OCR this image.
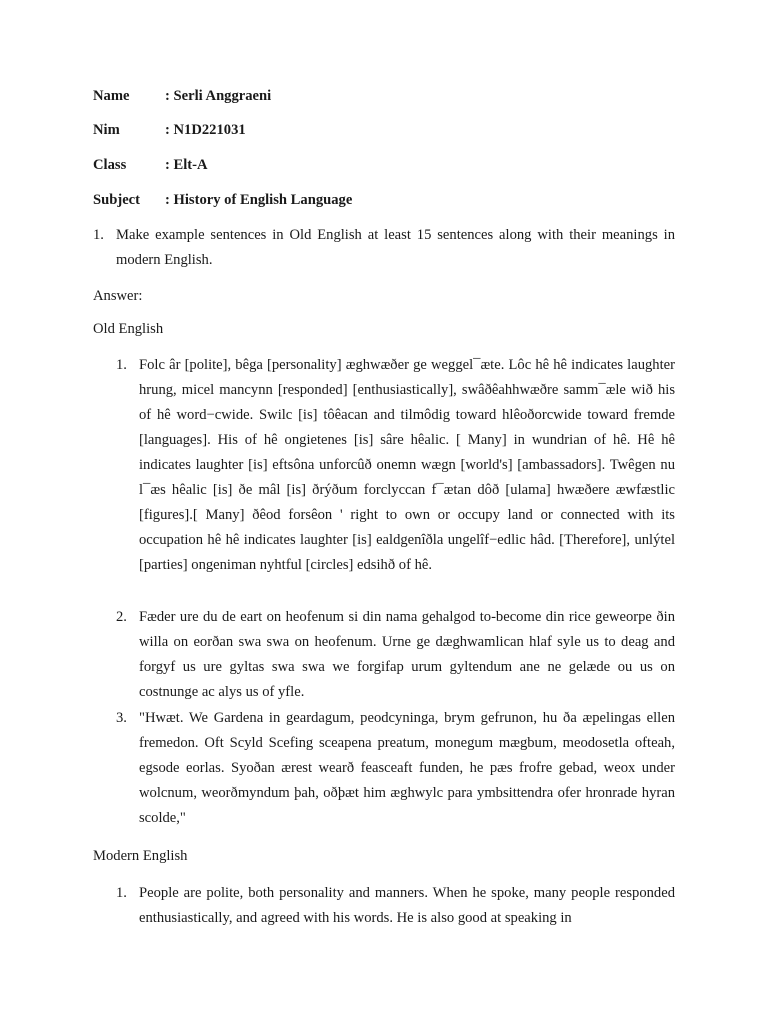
Name : Serli Anggraeni
Nim	: N1D221031
Class	: Elt-A
Subject : History of English Language
1. Make example sentences in Old English at least 15 sentences along with their meanings in modern English.
Answer:
Old English
1. Folc âr [polite], bêga [personality] æghwæðer ge weggel¯æte. Lôc hê hê indicates laughter hrung, micel mancynn [responded] [enthusiastically], swâðêahhwæðre samm¯æle wið his of hê word−cwide. Swilc [is] tôêacan and tilmôdig toward hlêoðorcwide toward fremde [languages]. His of hê ongietenes [is] sâre hêalic. [ Many] in wundrian of hê. Hê hê indicates laughter [is] eftsôna unforcûð onemn wægn [world's] [ambassadors]. Twêgen nu l¯æs hêalic [is] ðe mâl [is] ðrýðum forclyccan f¯ætan dôð [ulama] hwæðere æwfæstlic [figures].[ Many] ðêod forsêon ' right to own or occupy land or connected with its occupation hê hê indicates laughter [is] ealdgenîðla ungelîf−edlic hâd. [Therefore], unlýtel [parties] ongeniman nyhtful [circles] edsihð of hê.
2. Fæder ure du de eart on heofenum si din nama gehalgod to-become din rice geweorpe ðin willa on eorðan swa swa on heofenum. Urne ge dæghwamlican hlaf syle us to deag and forgyf us ure gyltas swa swa we forgifap urum gyltendum ane ne gelæde ou us on costnunge ac alys us of yfle.
3. "Hwæt. We Gardena in geardagum, peodcyninga, brym gefrunon, hu ða æpelingas ellen fremedon. Oft Scyld Scefing sceapena preatum, monegum mægbum, meodosetla ofteah, egsode eorlas. Syoðan ærest wearð feasceaft funden, he pæs frofre gebad, weox under wolcnum, weorðmyndum þah, oðþæt him æghwylc para ymbsittendra ofer hronrade hyran scolde,"
Modern English
1. People are polite, both personality and manners. When he spoke, many people responded enthusiastically, and agreed with his words. He is also good at speaking in
